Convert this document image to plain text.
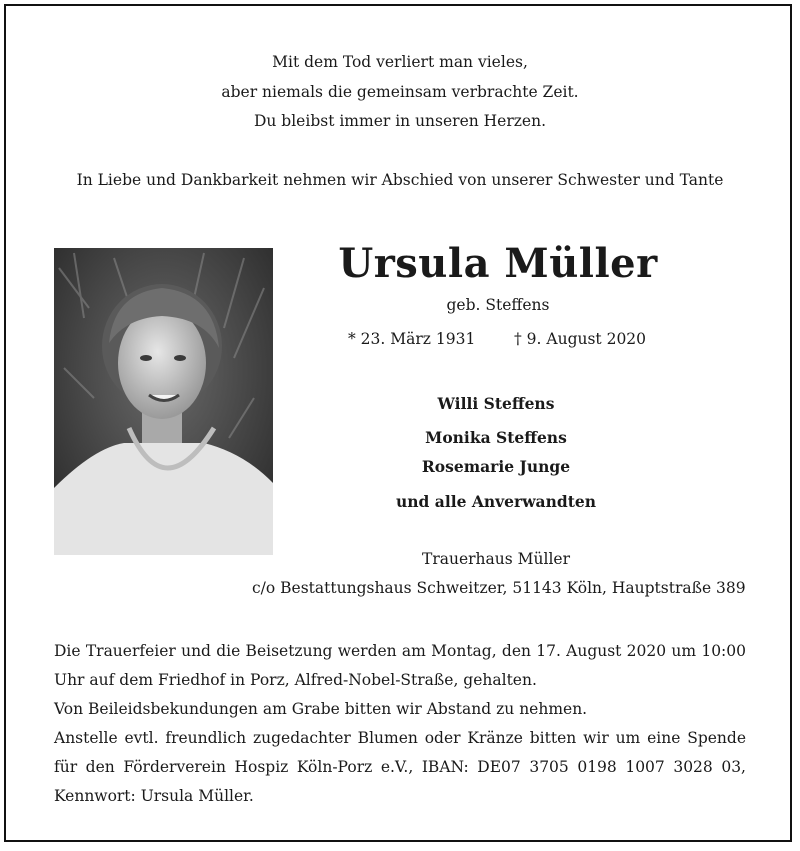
Mit dem Tod verliert man vieles,
aber niemals die gemeinsam verbrachte Zeit.
Du bleibst immer in unseren Herzen.
In Liebe und Dankbarkeit nehmen wir Abschied von unserer Schwester und Tante
Ursula Müller
geb. Steffens
* 23. März 1931 † 9. August 2020
Willi Steffens
Monika Steffens
Rosemarie Junge
und alle Anverwandten
Trauerhaus Müller
c/o Bestattungshaus Schweitzer, 51143 Köln, Hauptstraße 389

Die Trauerfeier und die Beisetzung werden am Montag, den 17. August 2020 um 10:00 Uhr auf dem Friedhof in Porz, Alfred-Nobel-Straße, gehalten.

Von Beileidsbekundungen am Grabe bitten wir Abstand zu nehmen.

Anstelle evtl. freundlich zugedachter Blumen oder Kränze bitten wir um eine Spende für den Förderverein Hospiz Köln-Porz e.V., IBAN: DE07 3705 0198 1007 3028 03, Kennwort: Ursula Müller.
